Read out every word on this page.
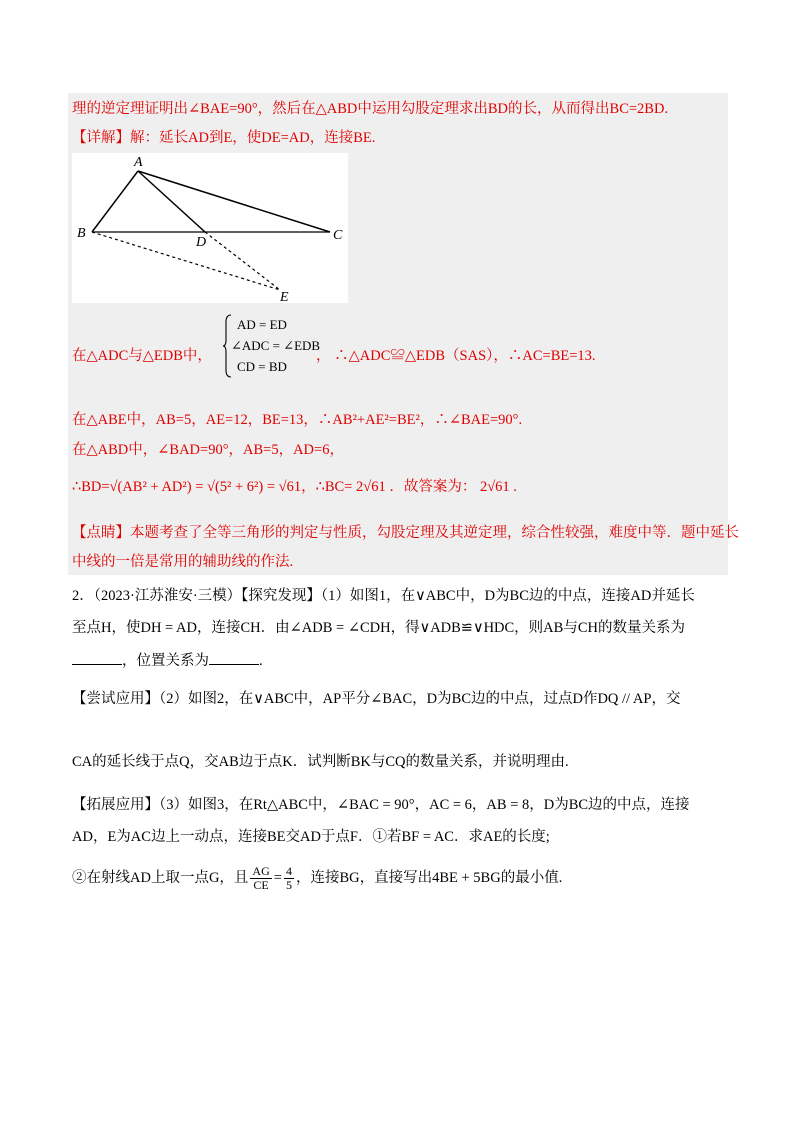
理的逆定理证明出∠BAE=90°，然后在△ABD中运用勾股定理求出BD的长，从而得出BC=2BD.
【详解】解：延长AD到E，使DE=AD，连接BE.
A
B	C
D
E
在△ADC与△EDB中，
AD = ED
∠ADC = ∠EDB
CD = BD
， ∴△ADC≌△EDB（SAS），∴AC=BE=13.
在△ABE中，AB=5，AE=12，BE=13，∴AB²+AE²=BE²，∴∠BAE=90°.
在△ABD中，∠BAD=90°，AB=5，AD=6，
∴BD=√(AB² + AD²) = √(5² + 6²) = √61，∴BC= 2√61 ．故答案为： 2√61 .
【点睛】本题考查了全等三角形的判定与性质，勾股定理及其逆定理，综合性较强，难度中等．题中延长
中线的一倍是常用的辅助线的作法.
2．（2023·江苏淮安·三模）【探究发现】（1）如图1，在∨ABC中，D为BC边的中点，连接AD并延长
至点H，使DH = AD，连接CH．由∠ADB = ∠CDH，得∨ADB≌∨HDC，则AB与CH的数量关系为
，位置关系为	.
【尝试应用】（2）如图2，在∨ABC中，AP平分∠BAC，D为BC边的中点，过点D作DQ // AP，交
CA的延长线于点Q，交AB边于点K．试判断BK与CQ的数量关系，并说明理由.
【拓展应用】（3）如图3，在Rt△ABC中，∠BAC = 90°，AC = 6，AB = 8，D为BC边的中点，连接
AD，E为AC边上一动点，连接BE交AD于点F．①若BF = AC．求AE的长度;
②在射线AD上取一点G，且 $\frac{AG}{CE} = \frac{4}{5}$ ，连接BG，直接写出4BE + 5BG的最小值.
